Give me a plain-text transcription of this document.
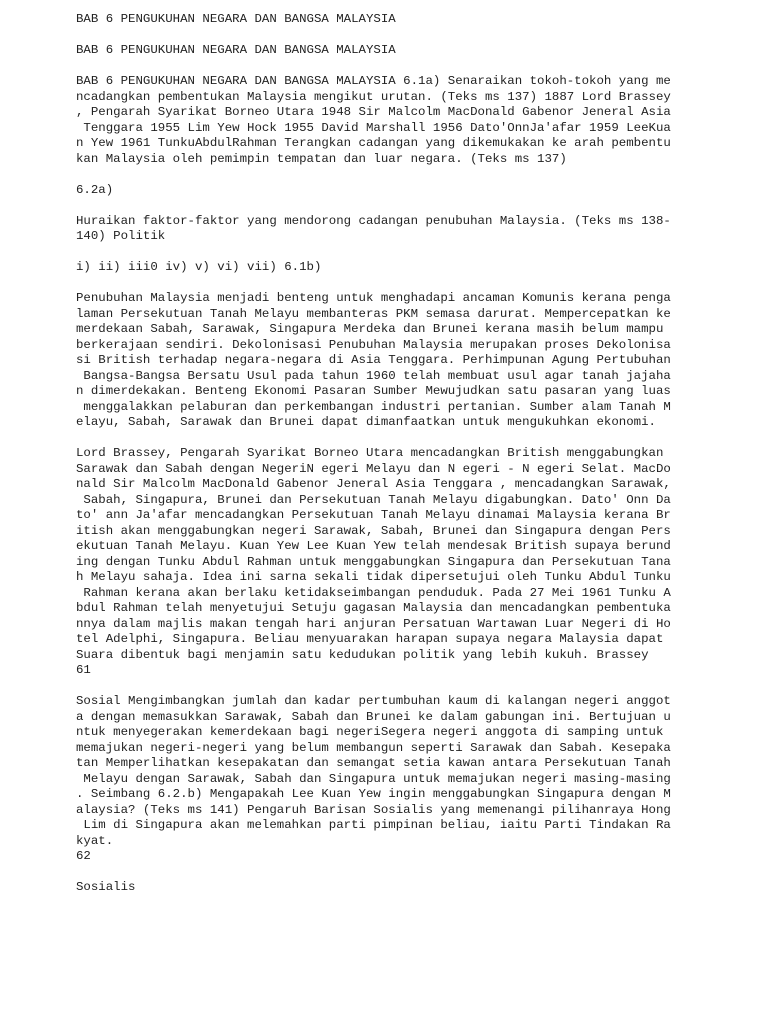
BAB 6 PENGUKUHAN NEGARA DAN BANGSA MALAYSIA
BAB 6 PENGUKUHAN NEGARA DAN BANGSA MALAYSIA
BAB 6 PENGUKUHAN NEGARA DAN BANGSA MALAYSIA 6.1a) Senaraikan tokoh-tokoh yang me
ncadangkan pembentukan Malaysia mengikut urutan. (Teks ms 137) 1887 Lord Brassey
, Pengarah Syarikat Borneo Utara 1948 Sir Malcolm MacDonald Gabenor Jeneral Asia
Tenggara 1955 Lim Yew Hock 1955 David Marshall 1956 Dato'OnnJa'afar 1959 LeeKua
n Yew 1961 TunkuAbdulRahman Terangkan cadangan yang dikemukakan ke arah pembentu
kan Malaysia oleh pemimpin tempatan dan luar negara. (Teks ms 137)
6.2a)
Huraikan faktor-faktor yang mendorong cadangan penubuhan Malaysia. (Teks ms 138-
140) Politik
i) ii) iii0 iv) v) vi) vii) 6.1b)
Penubuhan Malaysia menjadi benteng untuk menghadapi ancaman Komunis kerana penga
laman Persekutuan Tanah Melayu membanteras PKM semasa darurat. Mempercepatkan ke
merdekaan Sabah, Sarawak, Singapura Merdeka dan Brunei kerana masih belum mampu
berkerajaan sendiri. Dekolonisasi Penubuhan Malaysia merupakan proses Dekolonisa
si British terhadap negara-negara di Asia Tenggara. Perhimpunan Agung Pertubuhan
Bangsa-Bangsa Bersatu Usul pada tahun 1960 telah membuat usul agar tanah jajaha
n dimerdekakan. Benteng Ekonomi Pasaran Sumber Mewujudkan satu pasaran yang luas
menggalakkan pelaburan dan perkembangan industri pertanian. Sumber alam Tanah M
elayu, Sabah, Sarawak dan Brunei dapat dimanfaatkan untuk mengukuhkan ekonomi.
Lord Brassey, Pengarah Syarikat Borneo Utara mencadangkan British menggabungkan
Sarawak dan Sabah dengan NegeriN egeri Melayu dan N egeri - N egeri Selat. MacDo
nald Sir Malcolm MacDonald Gabenor Jeneral Asia Tenggara , mencadangkan Sarawak,
Sabah, Singapura, Brunei dan Persekutuan Tanah Melayu digabungkan. Dato' Onn Da
to' ann Ja'afar mencadangkan Persekutuan Tanah Melayu dinamai Malaysia kerana Br
itish akan menggabungkan negeri Sarawak, Sabah, Brunei dan Singapura dengan Pers
ekutuan Tanah Melayu. Kuan Yew Lee Kuan Yew telah mendesak British supaya berund
ing dengan Tunku Abdul Rahman untuk menggabungkan Singapura dan Persekutuan Tana
h Melayu sahaja. Idea ini sarna sekali tidak dipersetujui oleh Tunku Abdul Tunku
Rahman kerana akan berlaku ketidakseimbangan penduduk. Pada 27 Mei 1961 Tunku A
bdul Rahman telah menyetujui Setuju gagasan Malaysia dan mencadangkan pembentuka
nnya dalam majlis makan tengah hari anjuran Persatuan Wartawan Luar Negeri di Ho
tel Adelphi, Singapura. Beliau menyuarakan harapan supaya negara Malaysia dapat
Suara dibentuk bagi menjamin satu kedudukan politik yang lebih kukuh. Brassey
61
Sosial Mengimbangkan jumlah dan kadar pertumbuhan kaum di kalangan negeri anggot
a dengan memasukkan Sarawak, Sabah dan Brunei ke dalam gabungan ini. Bertujuan u
ntuk menyegerakan kemerdekaan bagi negeriSegera negeri anggota di samping untuk
memajukan negeri-negeri yang belum membangun seperti Sarawak dan Sabah. Kesepaka
tan Memperlihatkan kesepakatan dan semangat setia kawan antara Persekutuan Tanah
Melayu dengan Sarawak, Sabah dan Singapura untuk memajukan negeri masing-masing
. Seimbang 6.2.b) Mengapakah Lee Kuan Yew ingin menggabungkan Singapura dengan M
alaysia? (Teks ms 141) Pengaruh Barisan Sosialis yang memenangi pilihanraya Hong
Lim di Singapura akan melemahkan parti pimpinan beliau, iaitu Parti Tindakan Ra
kyat.
62
Sosialis
